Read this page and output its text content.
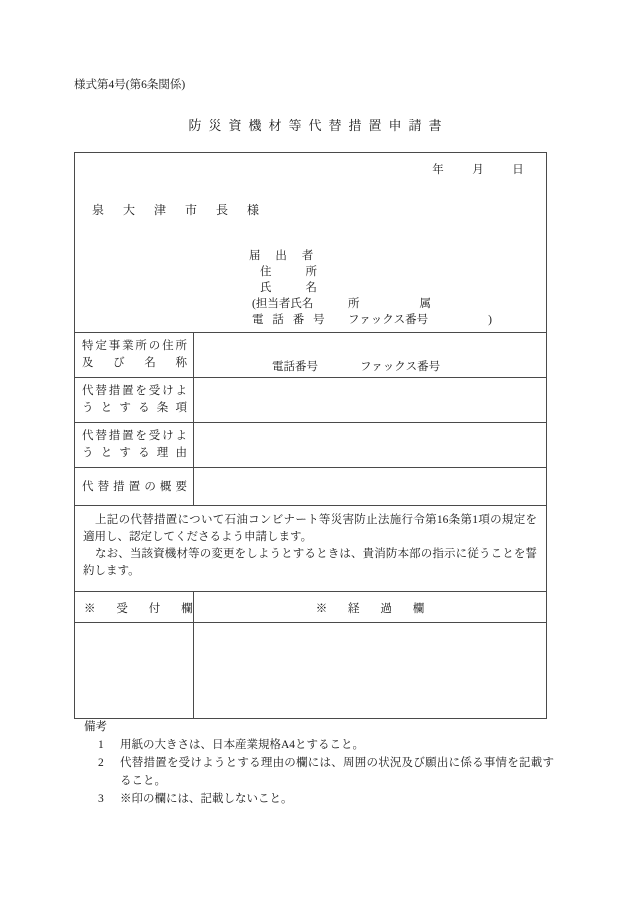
様式第4号(第6条関係)
防災資機材等代替措置申請書
年 月 日
泉 大 津 市 長 様
届 出 者
住	所
氏	名
(担当者氏名	所	属
電 話 番 号 ファックス番号	)

特定事業所の住所
及び名称	電話番号 ファックス番号

代替措置を受けよ
うとする条項	

代替措置を受けよ
うとする理由	

代替措置の概要	

上記の代替措置について石油コンビナート等災害防止法施行令第16条第1項の規定を適用し、認定してくださるよう申請します。

なお、当該資機材等の変更をしようとするときは、貴消防本部の指示に従うことを誓約します。	

※ 受 付 欄	※ 経 過 欄

備考
1	用紙の大きさは、日本産業規格A4とすること。
2	代替措置を受けようとする理由の欄には、周囲の状況及び願出に係る事情を記載すること。
3	※印の欄には、記載しないこと。
